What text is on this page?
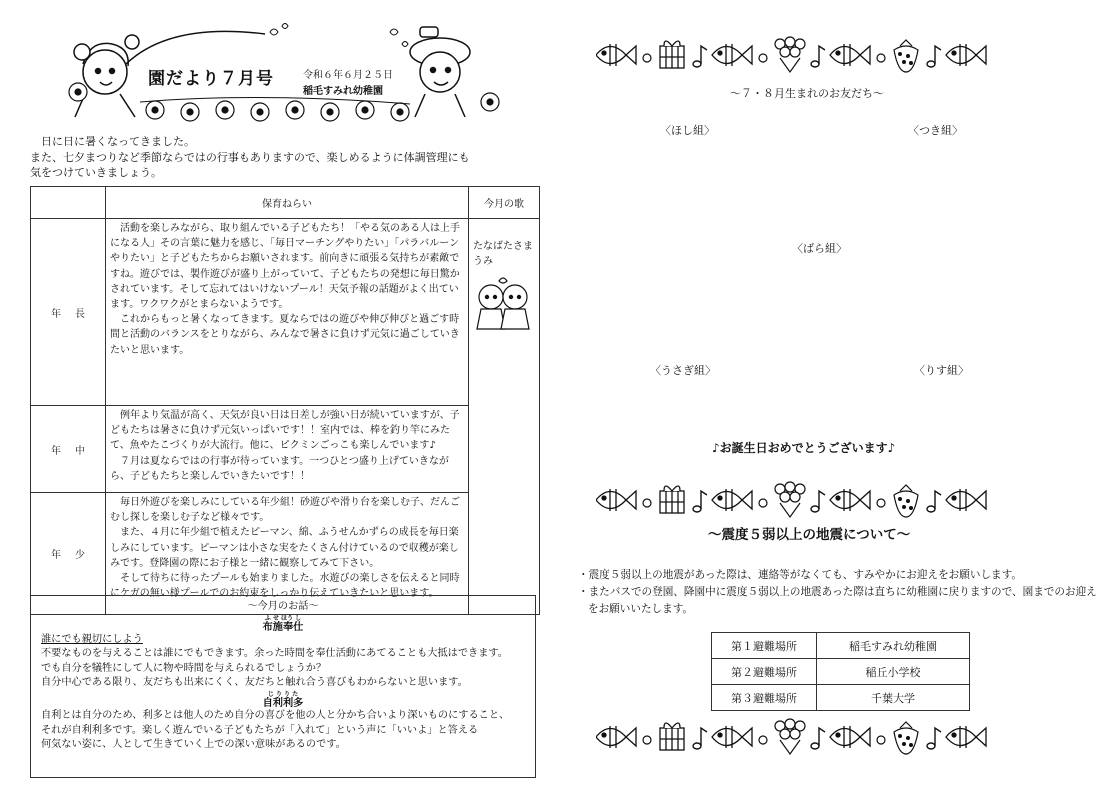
園だより７月号	令和６年６月２５日
稲毛すみれ幼稚園

　日に日に暑くなってきました。

また、七夕まつりなど季節ならではの行事もありますので、楽しめるように体調管理にも

気をつけていきましょう。

	保育ねらい	今月の歌
年長	活動を楽しみながら、取り組んでいる子どもたち！「やる気のある人は上手になる人」その言葉に魅力を感じ、「毎日マーチングやりたい」「パラバルーンやりたい」と子どもたちからお願いされます。前向きに頑張る気持ちが素敵ですね。遊びでは、製作遊びが盛り上がっていて、子どもたちの発想に毎日驚かされています。そして忘れてはいけないプール！天気予報の話題がよく出ています。ワクワクがとまらないようです。

これからもっと暑くなってきます。夏ならではの遊びや伸び伸びと過ごす時間と活動のバランスをとりながら、みんなで暑さに負けず元気に過ごしていきたいと思います。	たなばたさま　うみ

年中	例年より気温が高く、天気が良い日は日差しが強い日が続いていますが、子どもたちは暑さに負けず元気いっぱいです！！室内では、棒を釣り竿にみたて、魚やたこづくりが大流行。他に、ピクミンごっこも楽しんでいます♪

７月は夏ならではの行事が待っています。一つひとつ盛り上げていきながら、子どもたちと楽しんでいきたいです！！	

年少	毎日外遊びを楽しみにしている年少組！砂遊びや滑り台を楽しむ子、だんごむし探しを楽しむ子など様々です。

また、４月に年少組で植えたピーマン、綿、ふうせんかずらの成長を毎日楽しみにしています。ピーマンは小さな実をたくさん付けているので収穫が楽しみです。登降園の際にお子様と一緒に観察してみて下さい。

そして待ちに待ったプールも始まりました。水遊びの楽しさを伝えると同時にケガの無い様プールでのお約束をしっかり伝えていきたいと思います。	

～今月のお話～

ふ せ ほう し
布施奉仕

誰にでも親切にしよう

不要なものを与えることは誰にでもできます。余った時間を奉仕活動にあてることも大抵はできます。

でも自分を犠牲にして人に物や時間を与えられるでしょうか？

自分中心である限り、友だちも出来にくく、友だちと触れ合う喜びもわからないと思います。

じ り り た
自利利多

自利とは自分のため、利多とは他人のため自分の喜びを他の人と分かち合いより深いものにすること、

それが自利利多です。楽しく遊んでいる子どもたちが「入れて」という声に「いいよ」と答える

何気ない姿に、人として生きていく上での深い意味があるのです。

～７・８月生まれのお友だち～
〈ほし組〉	〈つき組〉
〈ばら組〉
〈うさぎ組〉	〈りす組〉
♪お誕生日おめでとうございます♪
～震度５弱以上の地震について～

・震度５弱以上の地震があった際は、連絡等がなくても、すみやかにお迎えをお願いします。

・またバスでの登園、降園中に震度５弱以上の地震あった際は直ちに幼稚園に戻りますので、園までのお迎えをお願いいたします。

第１避難場所	稲毛すみれ幼稚園
第２避難場所	稲丘小学校
第３避難場所	千葉大学
